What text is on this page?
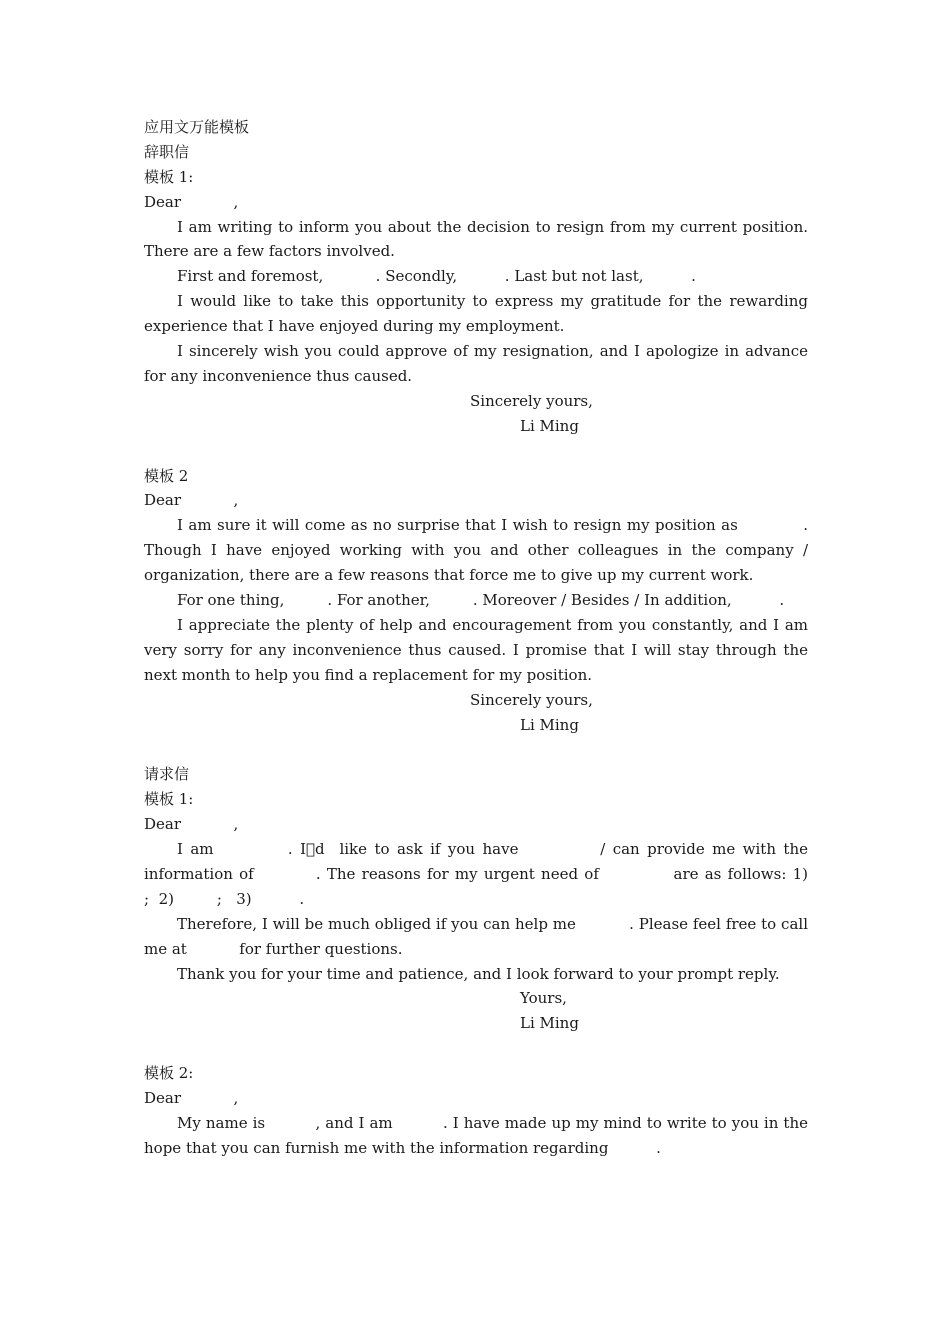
应用文万能模板
辞职信
模板 1:
Dear           ,
I am writing to inform you about the decision to resign from my current position. There are a few factors involved.
First and foremost,           . Secondly,          . Last but not last,          .
I would like to take this opportunity to express my gratitude for the rewarding experience that I have enjoyed during my employment.
I sincerely wish you could approve of my resignation, and I apologize in advance for any inconvenience thus caused.
Sincerely yours,
Li Ming
模板 2
Dear           ,
I am sure it will come as no surprise that I wish to resign my position as            . Though I have enjoyed working with you and other colleagues in the company / organization, there are a few reasons that force me to give up my current work.
For one thing,         . For another,         . Moreover / Besides / In addition,          .
I appreciate the plenty of help and encouragement from you constantly, and I am very sorry for any inconvenience thus caused. I promise that I will stay through the next month to help you find a replacement for my position.
Sincerely yours,
Li Ming
请求信
模板 1:
Dear           ,
I am          . I d  like to ask if you have           / can provide me with the information of          . The reasons for my urgent need of            are as follows: 1)         ;  2)         ;   3)          .
Therefore, I will be much obliged if you can help me           . Please feel free to call me at           for further questions.
Thank you for your time and patience, and I look forward to your prompt reply.
Yours,
Li Ming
模板 2:
Dear           ,
My name is          , and I am          . I have made up my mind to write to you in the hope that you can furnish me with the information regarding          .
